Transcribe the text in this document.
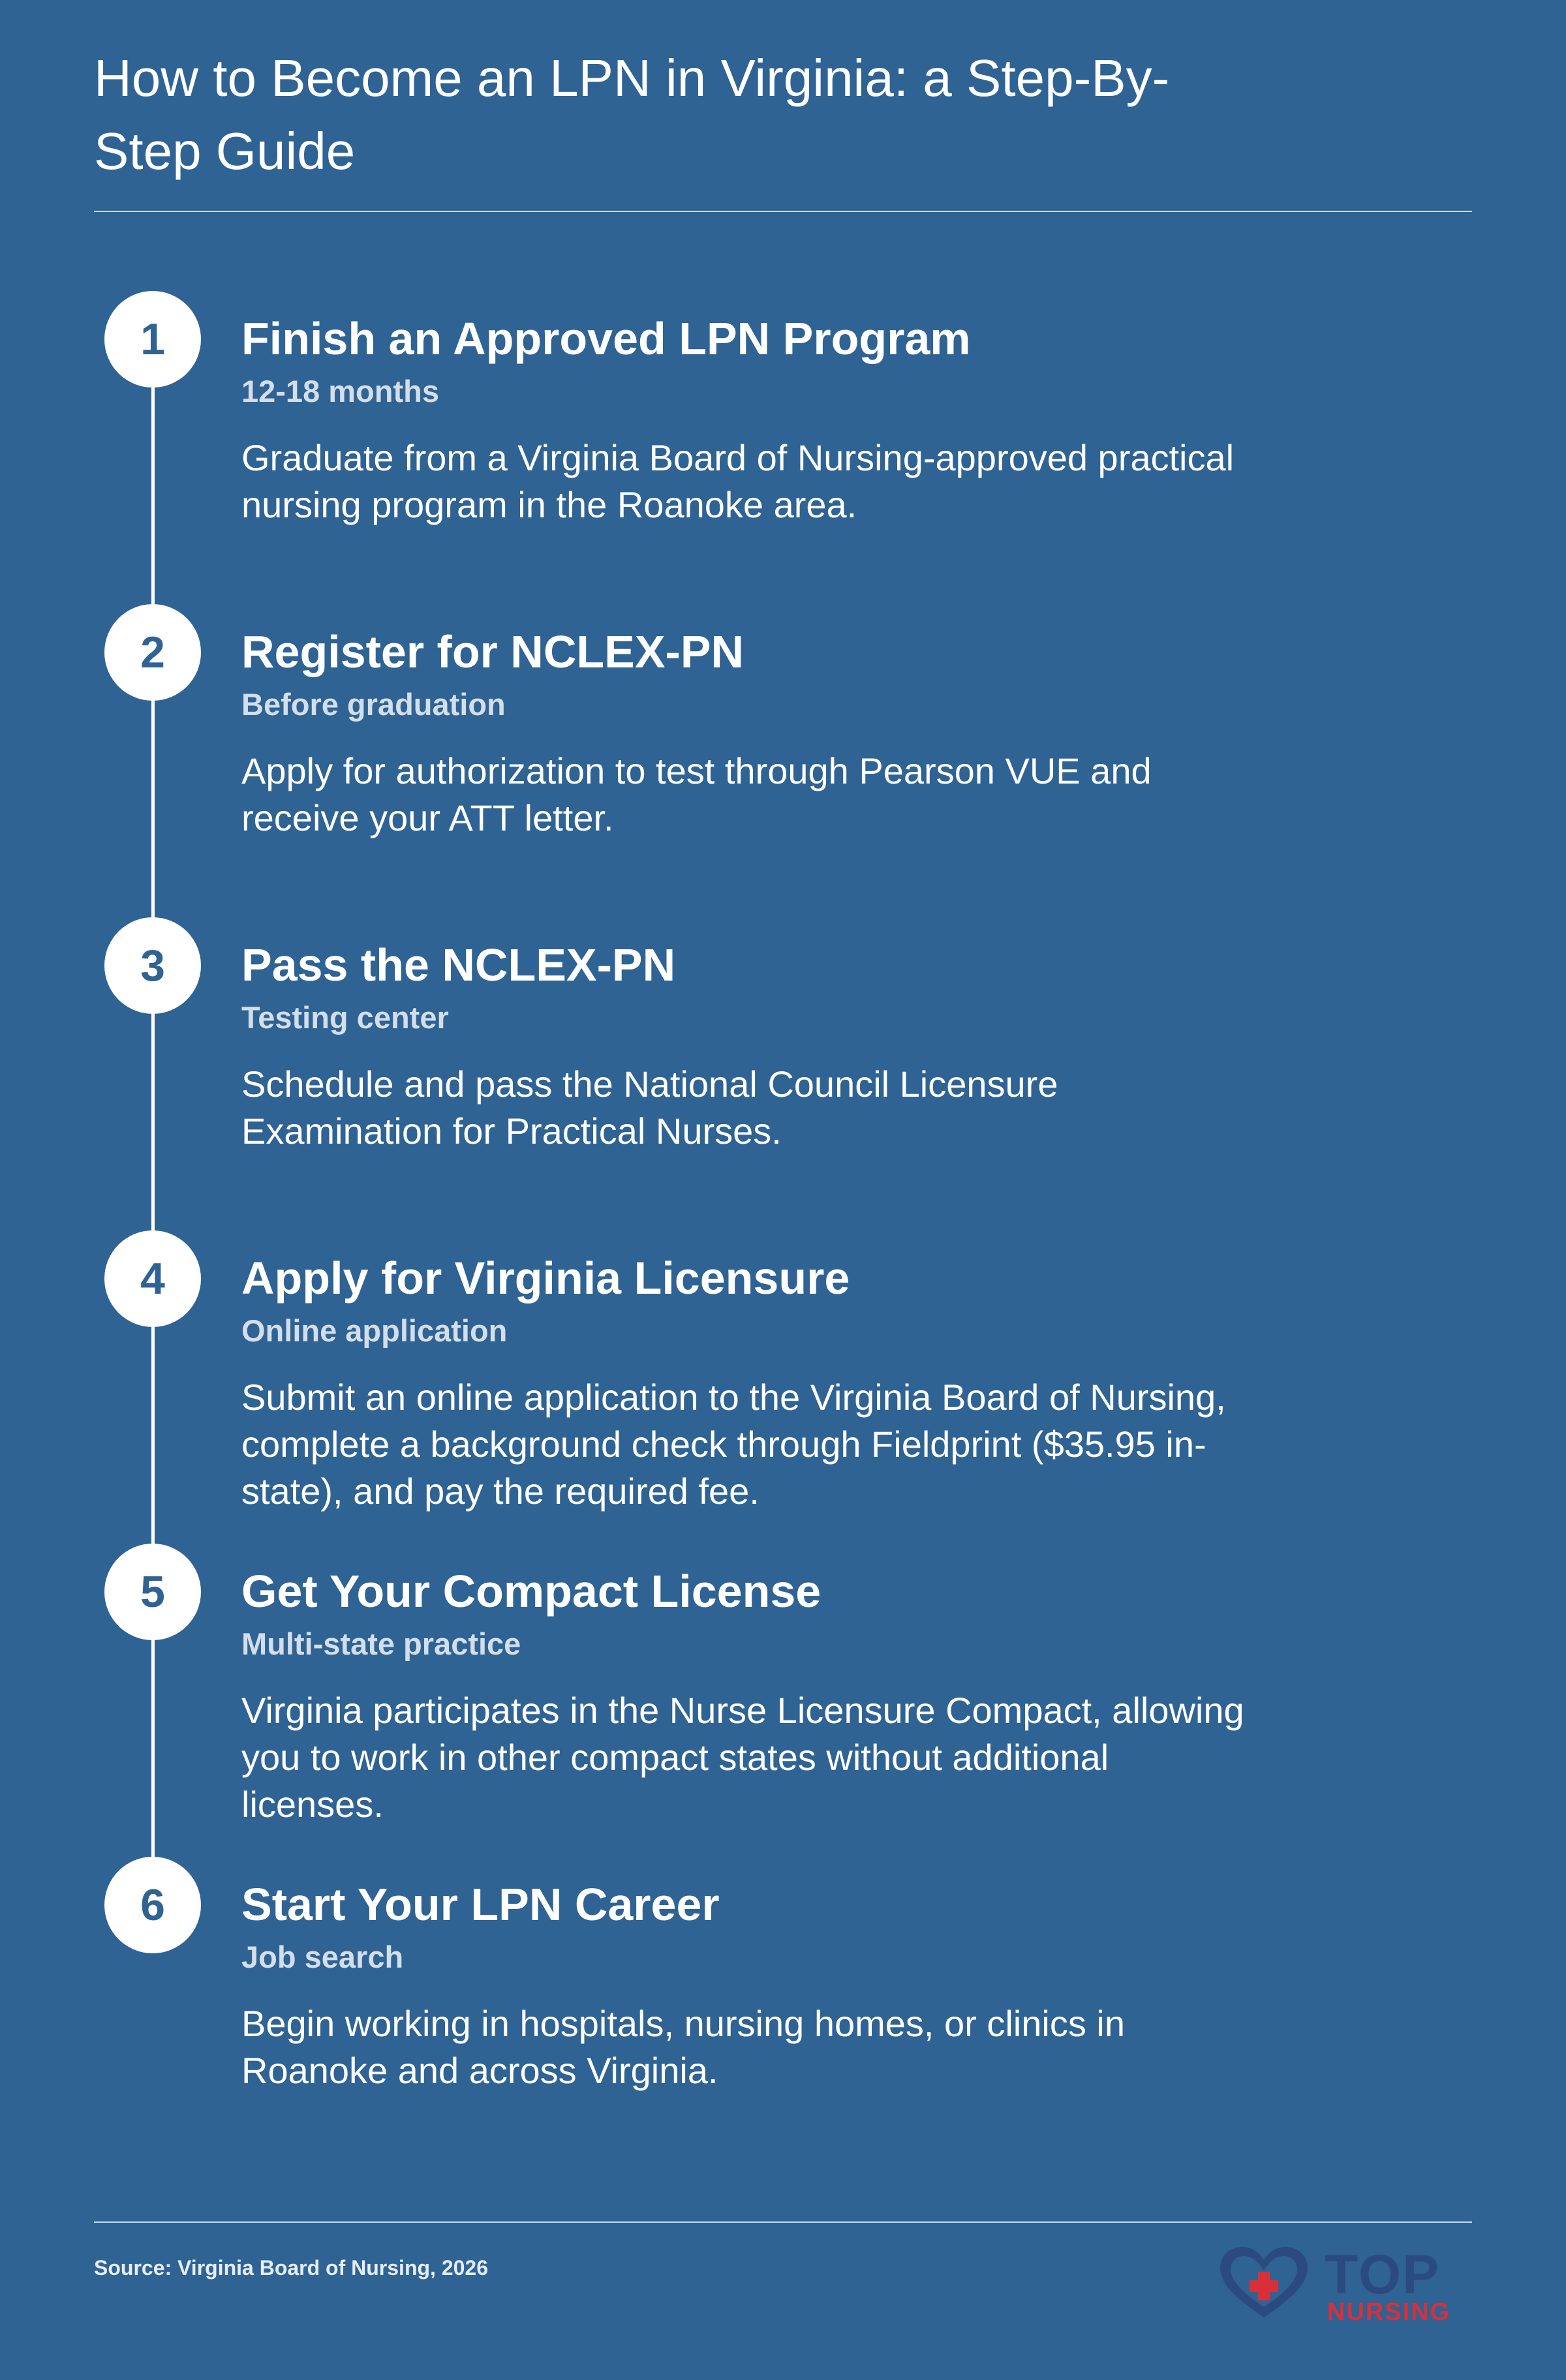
How to Become an LPN in Virginia: a Step-By-Step Guide
1	Finish an Approved LPN Program
12-18 months
Graduate from a Virginia Board of Nursing-approved practical nursing program in the Roanoke area.
2	Register for NCLEX-PN
Before graduation
Apply for authorization to test through Pearson VUE and receive your ATT letter.
3	Pass the NCLEX-PN
Testing center
Schedule and pass the National Council Licensure Examination for Practical Nurses.
4	Apply for Virginia Licensure
Online application
Submit an online application to the Virginia Board of Nursing, complete a background check through Fieldprint ($35.95 in-state), and pay the required fee.
5	Get Your Compact License
Multi-state practice
Virginia participates in the Nurse Licensure Compact, allowing you to work in other compact states without additional licenses.
6	Start Your LPN Career
Job search
Begin working in hospitals, nursing homes, or clinics in Roanoke and across Virginia.
Source: Virginia Board of Nursing, 2026	TOP
NURSING
